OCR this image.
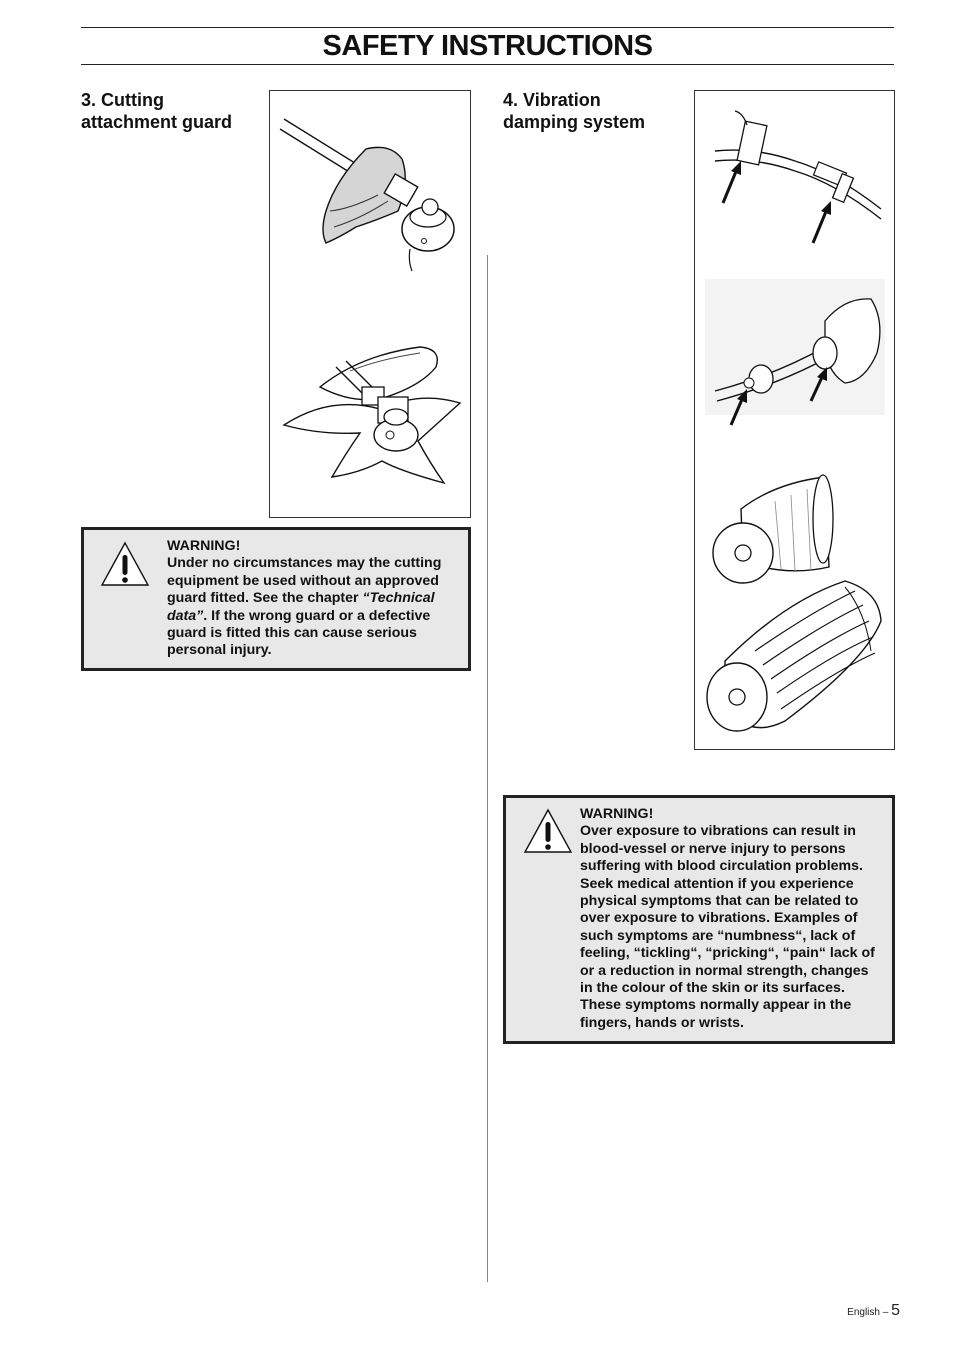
SAFETY INSTRUCTIONS
3. Cutting
attachment guard
WARNING!
Under no circumstances may the cutting equipment be used without an approved guard fitted. See the chapter “Technical data”. If the wrong guard or a defective guard is fitted this can cause serious personal injury.
4. Vibration
damping system
WARNING!
Over exposure to vibrations can result in blood-vessel or nerve injury to persons suffering with blood circulation problems. Seek medical attention if you experience physical symptoms that can be related to over exposure to vibrations. Examples of such symptoms are “numbness“, lack of feeling, “tickling“, “pricking“, “pain“ lack of or a reduction in normal strength, changes in the colour of the skin or its surfaces. These symptoms normally appear in the fingers, hands or wrists.
English – 5
